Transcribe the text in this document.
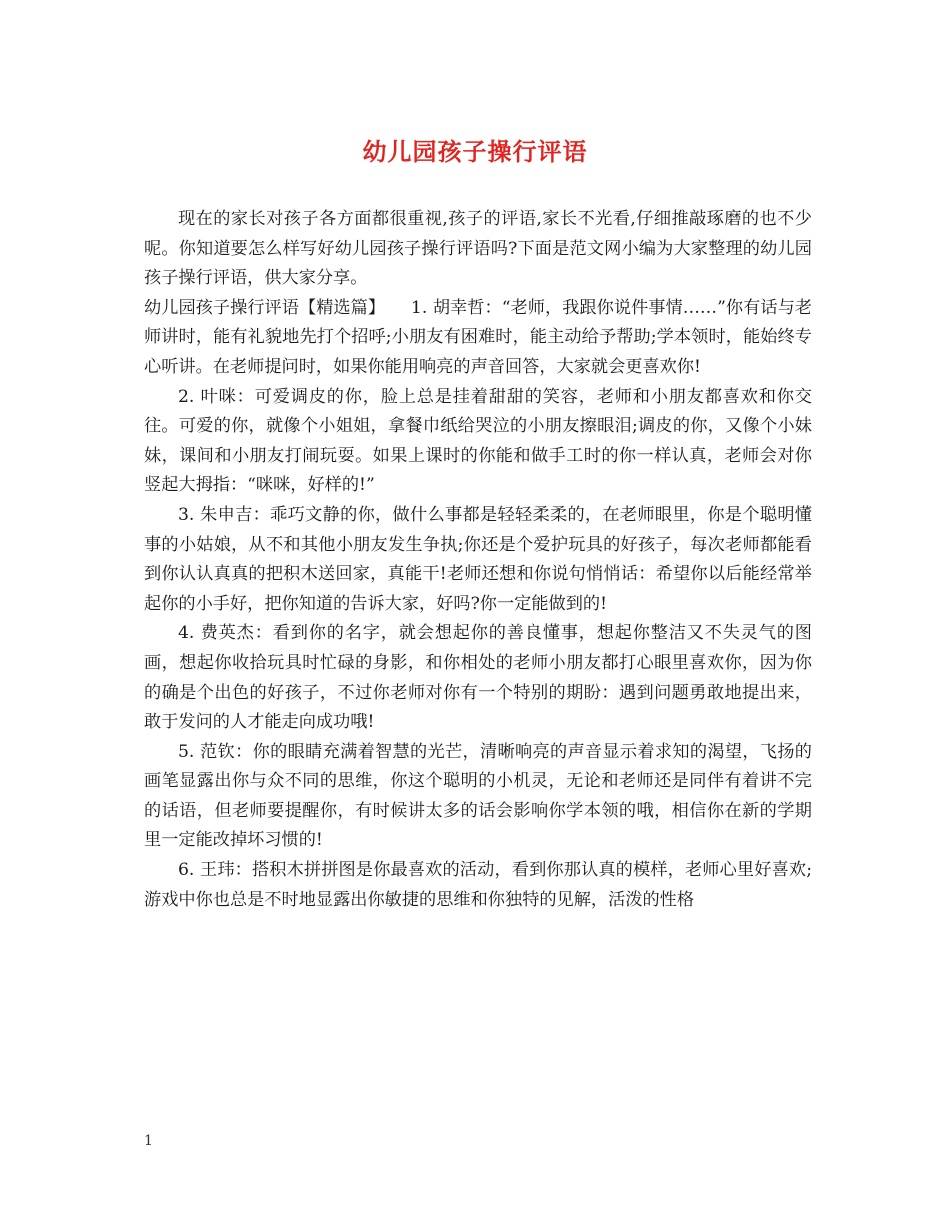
幼儿园孩子操行评语

现在的家长对孩子各方面都很重视,孩子的评语,家长不光看,仔细推敲琢磨的也不少呢。你知道要怎么样写好幼儿园孩子操行评语吗?下面是范文网小编为大家整理的幼儿园孩子操行评语，供大家分享。

幼儿园孩子操行评语【精选篇】　　1. 胡幸哲：“老师，我跟你说件事情……”你有话与老师讲时，能有礼貌地先打个招呼;小朋友有困难时，能主动给予帮助;学本领时，能始终专心听讲。在老师提问时，如果你能用响亮的声音回答，大家就会更喜欢你!

2. 叶咪：可爱调皮的你，脸上总是挂着甜甜的笑容，老师和小朋友都喜欢和你交往。可爱的你，就像个小姐姐，拿餐巾纸给哭泣的小朋友擦眼泪;调皮的你，又像个小妹妹，课间和小朋友打闹玩耍。如果上课时的你能和做手工时的你一样认真，老师会对你竖起大拇指：“咪咪，好样的!”

3. 朱申吉：乖巧文静的你，做什么事都是轻轻柔柔的，在老师眼里，你是个聪明懂事的小姑娘，从不和其他小朋友发生争执;你还是个爱护玩具的好孩子，每次老师都能看到你认认真真的把积木送回家，真能干!老师还想和你说句悄悄话：希望你以后能经常举起你的小手好，把你知道的告诉大家，好吗?你一定能做到的!

4. 费英杰：看到你的名字，就会想起你的善良懂事，想起你整洁又不失灵气的图画，想起你收拾玩具时忙碌的身影，和你相处的老师小朋友都打心眼里喜欢你，因为你的确是个出色的好孩子，不过你老师对你有一个特别的期盼：遇到问题勇敢地提出来，敢于发问的人才能走向成功哦!

5. 范钦：你的眼睛充满着智慧的光芒，清晰响亮的声音显示着求知的渴望，飞扬的画笔显露出你与众不同的思维，你这个聪明的小机灵，无论和老师还是同伴有着讲不完的话语，但老师要提醒你，有时候讲太多的话会影响你学本领的哦，相信你在新的学期里一定能改掉坏习惯的!

6. 王玮：搭积木拼拼图是你最喜欢的活动，看到你那认真的模样，老师心里好喜欢;游戏中你也总是不时地显露出你敏捷的思维和你独特的见解，活泼的性格

1
